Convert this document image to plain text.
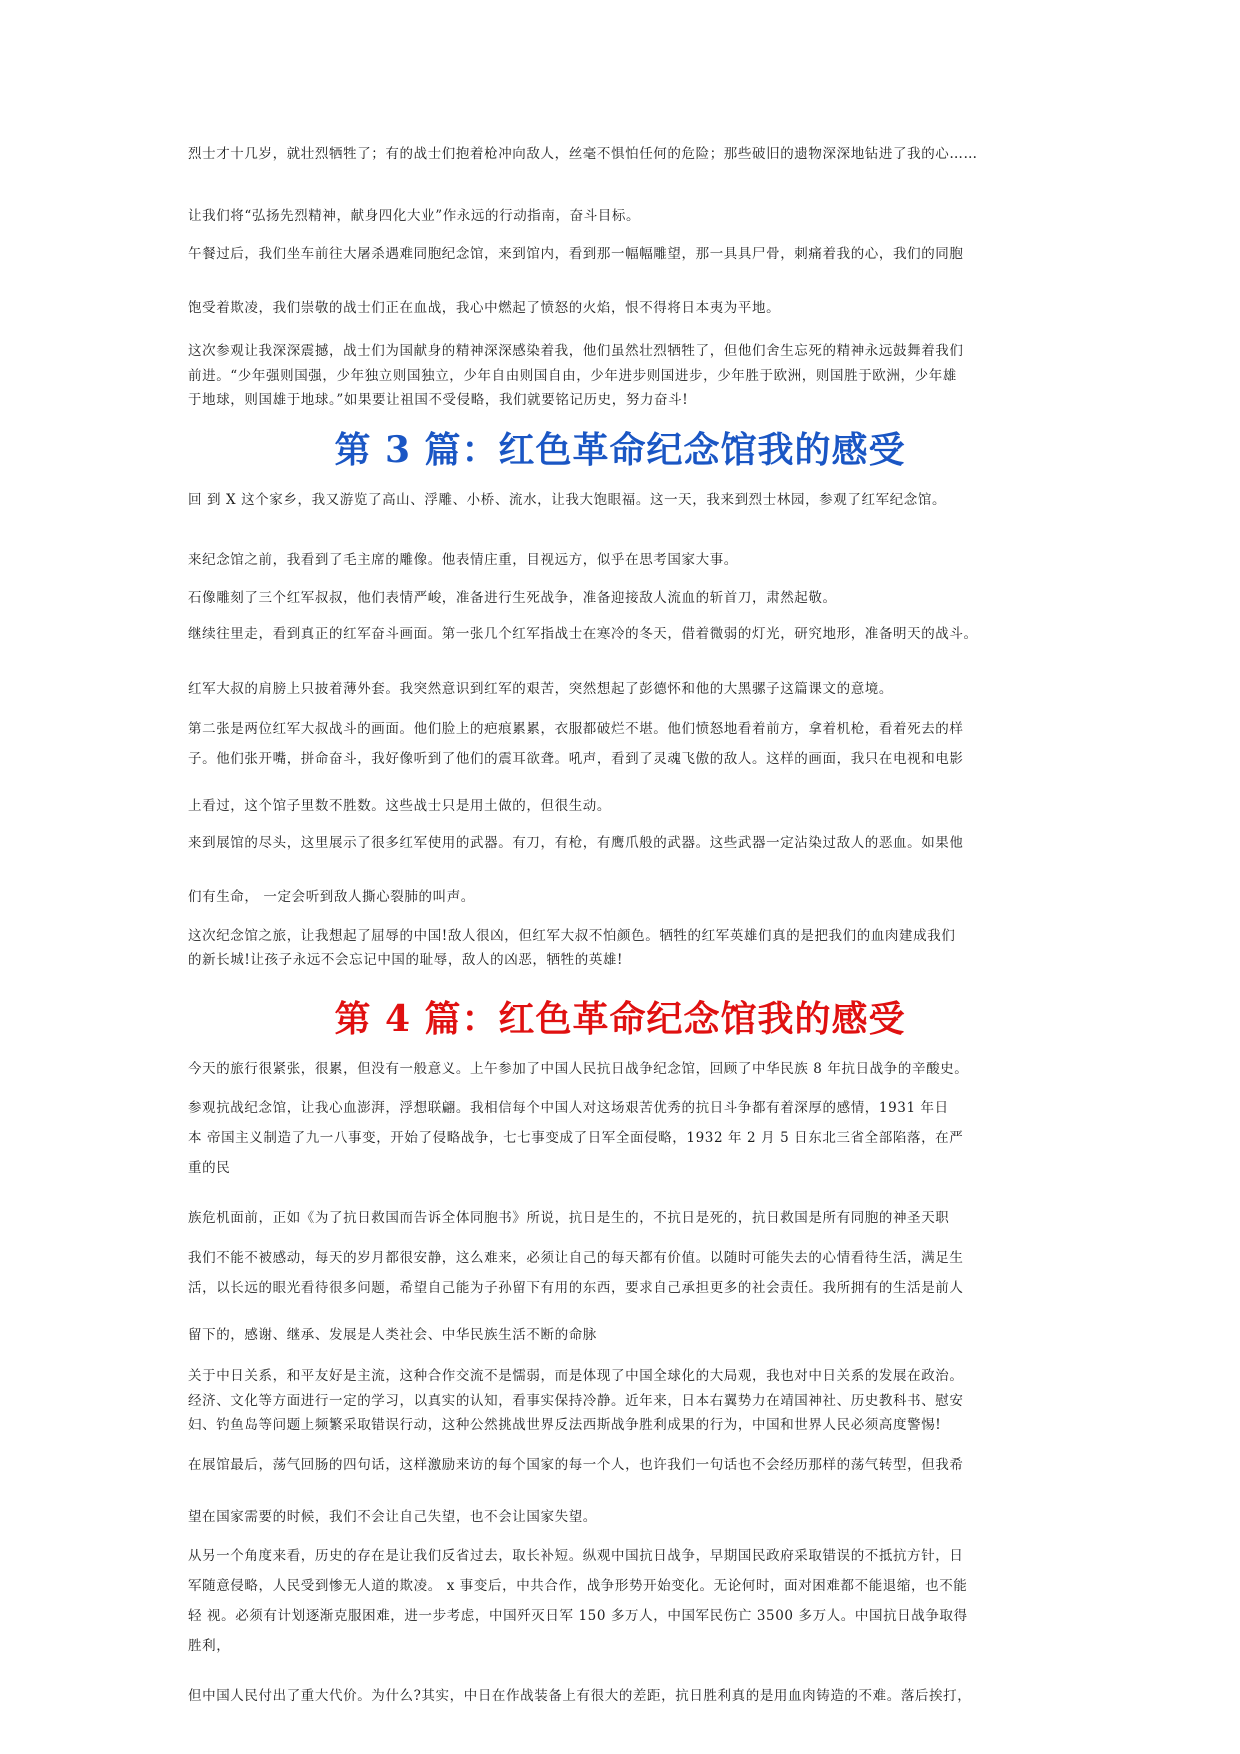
烈士才十几岁，就壮烈牺牲了；有的战士们抱着枪冲向敌人，丝毫不惧怕任何的危险；那些破旧的遗物深深地钻进了我的心……

让我们将“弘扬先烈精神，献身四化大业”作永远的行动指南，奋斗目标。

午餐过后，我们坐车前往大屠杀遇难同胞纪念馆，来到馆内，看到那一幅幅雕望，那一具具尸骨，刺痛着我的心，我们的同胞

饱受着欺凌，我们崇敬的战士们正在血战，我心中燃起了愤怒的火焰，恨不得将日本夷为平地。

这次参观让我深深震撼，战士们为国献身的精神深深感染着我，他们虽然壮烈牺牲了，但他们舍生忘死的精神永远鼓舞着我们

前进。“少年强则国强，少年独立则国独立，少年自由则国自由，少年进步则国进步，少年胜于欧洲，则国胜于欧洲，少年雄

于地球，则国雄于地球。”如果要让祖国不受侵略，我们就要铭记历史，努力奋斗!

第 3 篇：红色革命纪念馆我的感受

回 到 X 这个家乡，我又游览了高山、浮雕、小桥、流水，让我大饱眼福。这一天，我来到烈士林园，参观了红军纪念馆。

来纪念馆之前，我看到了毛主席的雕像。他表情庄重，目视远方，似乎在思考国家大事。

石像雕刻了三个红军叔叔，他们表情严峻，准备进行生死战争，准备迎接敌人流血的斩首刀，肃然起敬。

继续往里走，看到真正的红军奋斗画面。第一张几个红军指战士在寒冷的冬天，借着微弱的灯光，研究地形，准备明天的战斗。

红军大叔的肩膀上只披着薄外套。我突然意识到红军的艰苦，突然想起了彭德怀和他的大黑骡子这篇课文的意境。

第二张是两位红军大叔战斗的画面。他们脸上的疤痕累累，衣服都破烂不堪。他们愤怒地看着前方，拿着机枪，看着死去的样

子。他们张开嘴，拼命奋斗，我好像听到了他们的震耳欲聋。吼声，看到了灵魂飞傲的敌人。这样的画面，我只在电视和电影

上看过，这个馆子里数不胜数。这些战士只是用土做的，但很生动。

来到展馆的尽头，这里展示了很多红军使用的武器。有刀，有枪，有鹰爪般的武器。这些武器一定沾染过敌人的恶血。如果他

们有生命， 一定会听到敌人撕心裂肺的叫声。

这次纪念馆之旅，让我想起了屈辱的中国!敌人很凶，但红军大叔不怕颜色。牺牲的红军英雄们真的是把我们的血肉建成我们

的新长城!让孩子永远不会忘记中国的耻辱，敌人的凶恶，牺牲的英雄!

第 4 篇：红色革命纪念馆我的感受

今天的旅行很紧张，很累，但没有一般意义。上午参加了中国人民抗日战争纪念馆，回顾了中华民族 8 年抗日战争的辛酸史。

参观抗战纪念馆，让我心血澎湃，浮想联翩。我相信每个中国人对这场艰苦优秀的抗日斗争都有着深厚的感情，1931 年日

本 帝国主义制造了九一八事变，开始了侵略战争，七七事变成了日军全面侵略，1932 年 2 月 5 日东北三省全部陷落，在严

重的民

族危机面前，正如《为了抗日救国而告诉全体同胞书》所说，抗日是生的，不抗日是死的，抗日救国是所有同胞的神圣天职

我们不能不被感动，每天的岁月都很安静，这么难来，必须让自己的每天都有价值。以随时可能失去的心情看待生活，满足生

活，以长远的眼光看待很多问题，希望自己能为子孙留下有用的东西，要求自己承担更多的社会责任。我所拥有的生活是前人

留下的，感谢、继承、发展是人类社会、中华民族生活不断的命脉

关于中日关系，和平友好是主流，这种合作交流不是懦弱，而是体现了中国全球化的大局观，我也对中日关系的发展在政治。

经济、文化等方面进行一定的学习，以真实的认知，看事实保持冷静。近年来，日本右翼势力在靖国神社、历史教科书、慰安

妇、钓鱼岛等问题上频繁采取错误行动，这种公然挑战世界反法西斯战争胜利成果的行为，中国和世界人民必须高度警惕!

在展馆最后，荡气回肠的四句话，这样激励来访的每个国家的每一个人，也许我们一句话也不会经历那样的荡气转型，但我希

望在国家需要的时候，我们不会让自己失望，也不会让国家失望。

从另一个角度来看，历史的存在是让我们反省过去，取长补短。纵观中国抗日战争，早期国民政府采取错误的不抵抗方针，日

军随意侵略，人民受到惨无人道的欺凌。 x 事变后，中共合作，战争形势开始变化。无论何时，面对困难都不能退缩，也不能

轻 视。必须有计划逐渐克服困难，进一步考虑，中国歼灭日军 150 多万人，中国军民伤亡 3500 多万人。中国抗日战争取得

胜利，

但中国人民付出了重大代价。为什么?其实，中日在作战装备上有很大的差距，抗日胜利真的是用血肉铸造的不难。落后挨打，
